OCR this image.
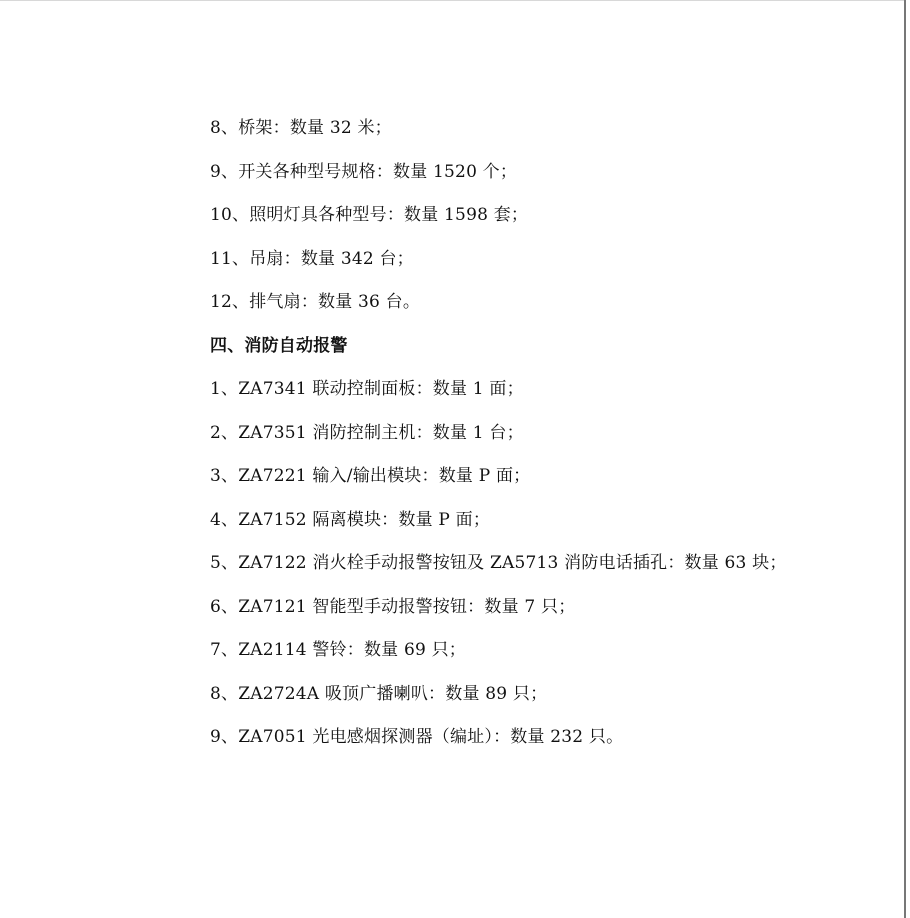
8、桥架：数量 32 米；
9、开关各种型号规格：数量 1520 个；
10、照明灯具各种型号：数量 1598 套；
11、吊扇：数量 342 台；
12、排气扇：数量 36 台。
四、消防自动报警
1、ZA7341 联动控制面板：数量 1 面；
2、ZA7351 消防控制主机：数量 1 台；
3、ZA7221 输入/输出模块：数量 P 面；
4、ZA7152 隔离模块：数量 P 面；
5、ZA7122 消火栓手动报警按钮及 ZA5713 消防电话插孔：数量 63 块；
6、ZA7121 智能型手动报警按钮：数量 7 只；
7、ZA2114 警铃：数量 69 只；
8、ZA2724A 吸顶广播喇叭：数量 89 只；
9、ZA7051 光电感烟探测器（编址）：数量 232 只。
